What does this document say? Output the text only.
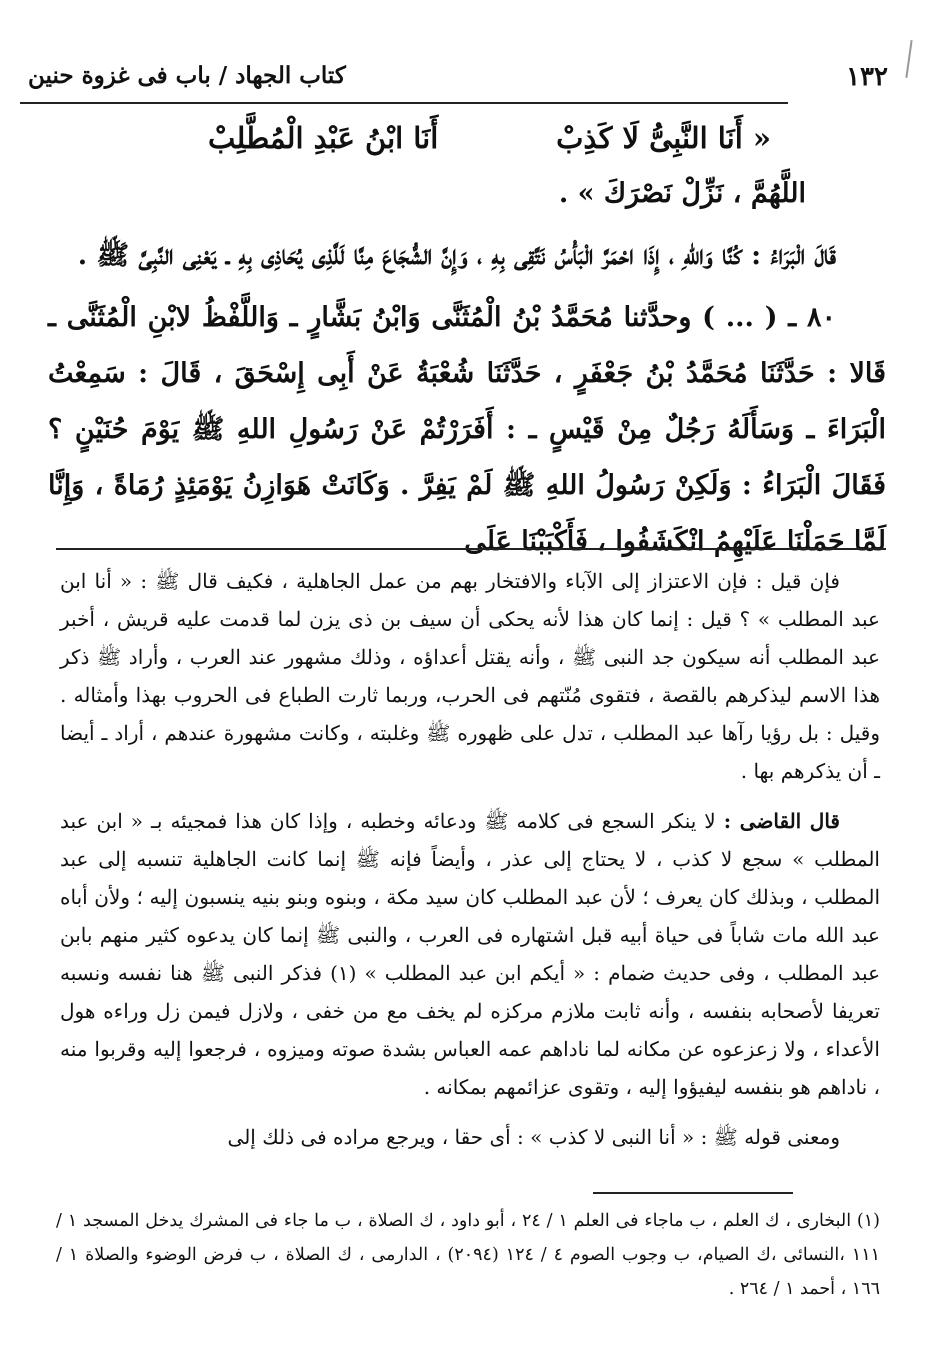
١٣٢
كتاب الجهاد / باب فى غزوة حنين
« أَنَا النَّبِىُّ لَا كَذِبْ
أَنَا ابْنُ عَبْدِ الْمُطَّلِبْ

اللَّهُمَّ ، نَزِّلْ نَصْرَكَ » .

قَالَ الْبَرَاءُ : كُنَّا وَاللهِ ، إِذَا احْمَرَّ الْبَأْسُ نَتَّقِى بِهِ ، وَإِنَّ الشُّجَاعَ مِنَّا لَلَّذِى يُحَاذِى بِهِ ـ يَعْنِى النَّبِىَّ ﷺ .

٨٠ ـ ( ... ) وحدَّثنا مُحَمَّدُ بْنُ الْمُثَنَّى وَابْنُ بَشَّارٍ ـ وَاللَّفْظُ لابْنِ الْمُثَنَّى ـ قَالا : حَدَّثَنَا مُحَمَّدُ بْنُ جَعْفَرٍ ، حَدَّثَنَا شُعْبَةُ عَنْ أَبِى إِسْحَقَ ، قَالَ : سَمِعْتُ الْبَرَاءَ ـ وَسَأَلَهُ رَجُلٌ مِنْ قَيْسٍ ـ : أَفَرَرْتُمْ عَنْ رَسُولِ اللهِ ﷺ يَوْمَ حُنَيْنٍ ؟ فَقَالَ الْبَرَاءُ : وَلَكِنْ رَسُولُ اللهِ ﷺ لَمْ يَفِرَّ . وَكَانَتْ هَوَازِنُ يَوْمَئِذٍ رُمَاةً ، وَإِنَّا لَمَّا حَمَلْنَا عَلَيْهِمُ انْكَشَفُوا ، فَأَكْبَبْنَا عَلَى

فإن قيل : فإن الاعتزاز إلى الآباء والافتخار بهم من عمل الجاهلية ، فكيف قال ﷺ : « أنا ابن عبد المطلب » ؟ قيل : إنما كان هذا لأنه يحكى أن سيف بن ذى يزن لما قدمت عليه قريش ، أخبر عبد المطلب أنه سيكون جد النبى ﷺ ، وأنه يقتل أعداؤه ، وذلك مشهور عند العرب ، وأراد ﷺ ذكر هذا الاسم ليذكرهم بالقصة ، فتقوى مُنّتهم فى الحرب، وربما ثارت الطباع فى الحروب بهذا وأمثاله . وقيل : بل رؤيا رآها عبد المطلب ، تدل على ظهوره ﷺ وغلبته ، وكانت مشهورة عندهم ، أراد ـ أيضا ـ أن يذكرهم بها .

قال القاضى : لا ينكر السجع فى كلامه ﷺ ودعائه وخطبه ، وإذا كان هذا فمجيئه بـ « ابن عبد المطلب » سجع لا كذب ، لا يحتاج إلى عذر ، وأيضاً فإنه ﷺ إنما كانت الجاهلية تنسبه إلى عبد المطلب ، وبذلك كان يعرف ؛ لأن عبد المطلب كان سيد مكة ، وبنوه وبنو بنيه ينسبون إليه ؛ ولأن أباه عبد الله مات شاباً فى حياة أبيه قبل اشتهاره فى العرب ، والنبى ﷺ إنما كان يدعوه كثير منهم بابن عبد المطلب ، وفى حديث ضمام : « أيكم ابن عبد المطلب » (١) فذكر النبى ﷺ هنا نفسه ونسبه تعريفا لأصحابه بنفسه ، وأنه ثابت ملازم مركزه لم يخف مع من خفى ، ولازل فيمن زل وراءه هول الأعداء ، ولا زعزعوه عن مكانه لما ناداهم عمه العباس بشدة صوته وميزوه ، فرجعوا إليه وقربوا منه ، ناداهم هو بنفسه ليفيؤوا إليه ، وتقوى عزائمهم بمكانه .

ومعنى قوله ﷺ : « أنا النبى لا كذب » : أى حقا ، ويرجع مراده فى ذلك إلى

(١) البخارى ، ك العلم ، ب ماجاء فى العلم ١ / ٢٤ ، أبو داود ، ك الصلاة ، ب ما جاء فى المشرك يدخل المسجد ١ / ١١١ ،النسائى ،ك الصيام، ب وجوب الصوم ٤ / ١٢٤ (٢٠٩٤) ، الدارمى ، ك الصلاة ، ب فرض الوضوء والصلاة ١ / ١٦٦ ، أحمد ١ / ٢٦٤ .
